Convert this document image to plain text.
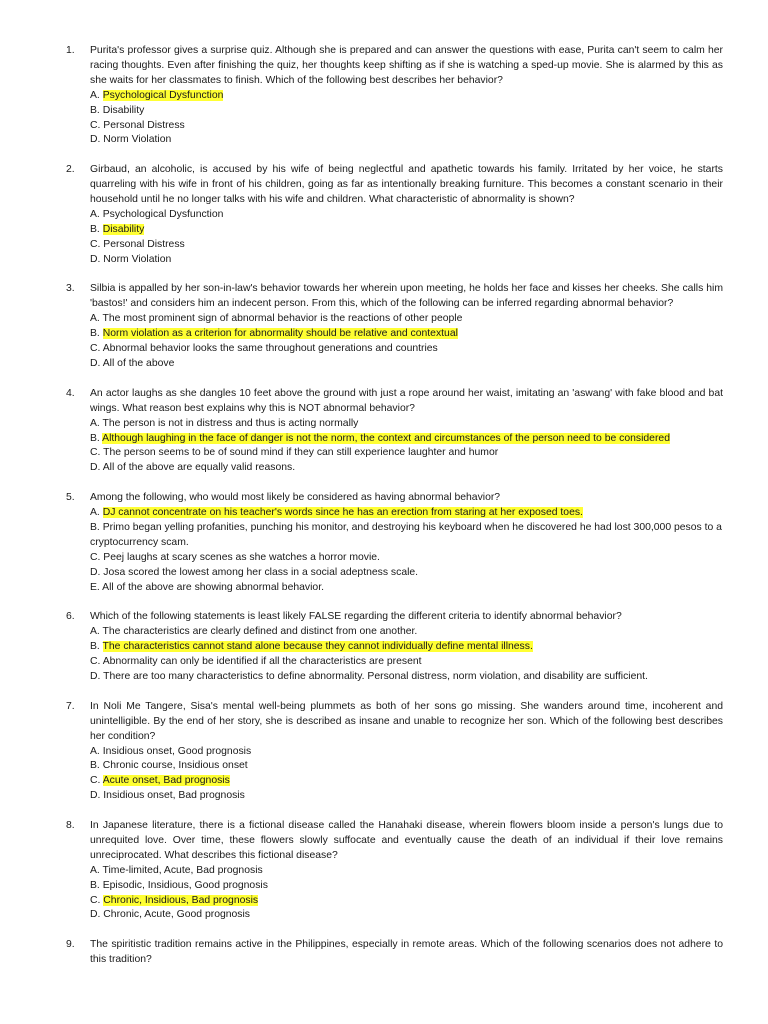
1.	Purita's professor gives a surprise quiz. Although she is prepared and can answer the questions with ease, Purita can't seem to calm her racing thoughts. Even after finishing the quiz, her thoughts keep shifting as if she is watching a sped-up movie. She is alarmed by this as she waits for her classmates to finish. Which of the following best describes her behavior?
A. Psychological Dysfunction
B. Disability
C. Personal Distress
D. Norm Violation
2.	Girbaud, an alcoholic, is accused by his wife of being neglectful and apathetic towards his family. Irritated by her voice, he starts quarreling with his wife in front of his children, going as far as intentionally breaking furniture. This becomes a constant scenario in their household until he no longer talks with his wife and children. What characteristic of abnormality is shown?
A. Psychological Dysfunction
B. Disability
C. Personal Distress
D. Norm Violation
3.	Silbia is appalled by her son-in-law's behavior towards her wherein upon meeting, he holds her face and kisses her cheeks. She calls him 'bastos!' and considers him an indecent person. From this, which of the following can be inferred regarding abnormal behavior?
A. The most prominent sign of abnormal behavior is the reactions of other people
B. Norm violation as a criterion for abnormality should be relative and contextual
C. Abnormal behavior looks the same throughout generations and countries
D. All of the above
4.	An actor laughs as she dangles 10 feet above the ground with just a rope around her waist, imitating an 'aswang' with fake blood and bat wings. What reason best explains why this is NOT abnormal behavior?
A. The person is not in distress and thus is acting normally
B. Although laughing in the face of danger is not the norm, the context and circumstances of the person need to be considered
C. The person seems to be of sound mind if they can still experience laughter and humor
D. All of the above are equally valid reasons.
5.	Among the following, who would most likely be considered as having abnormal behavior?
A. DJ cannot concentrate on his teacher's words since he has an erection from staring at her exposed toes.
B. Primo began yelling profanities, punching his monitor, and destroying his keyboard when he discovered he had lost 300,000 pesos to a cryptocurrency scam.
C. Peej laughs at scary scenes as she watches a horror movie.
D. Josa scored the lowest among her class in a social adeptness scale.
E. All of the above are showing abnormal behavior.
6.	Which of the following statements is least likely FALSE regarding the different criteria to identify abnormal behavior?
A. The characteristics are clearly defined and distinct from one another.
B. The characteristics cannot stand alone because they cannot individually define mental illness.
C. Abnormality can only be identified if all the characteristics are present
D. There are too many characteristics to define abnormality. Personal distress, norm violation, and disability are sufficient.
7.	In Noli Me Tangere, Sisa's mental well-being plummets as both of her sons go missing. She wanders around time, incoherent and unintelligible. By the end of her story, she is described as insane and unable to recognize her son. Which of the following best describes her condition?
A. Insidious onset, Good prognosis
B. Chronic course, Insidious onset
C. Acute onset, Bad prognosis
D. Insidious onset, Bad prognosis
8.	In Japanese literature, there is a fictional disease called the Hanahaki disease, wherein flowers bloom inside a person's lungs due to unrequited love. Over time, these flowers slowly suffocate and eventually cause the death of an individual if their love remains unreciprocated. What describes this fictional disease?
A. Time-limited, Acute, Bad prognosis
B. Episodic, Insidious, Good prognosis
C. Chronic, Insidious, Bad prognosis
D. Chronic, Acute, Good prognosis
9.	The spiritistic tradition remains active in the Philippines, especially in remote areas. Which of the following scenarios does not adhere to this tradition?
